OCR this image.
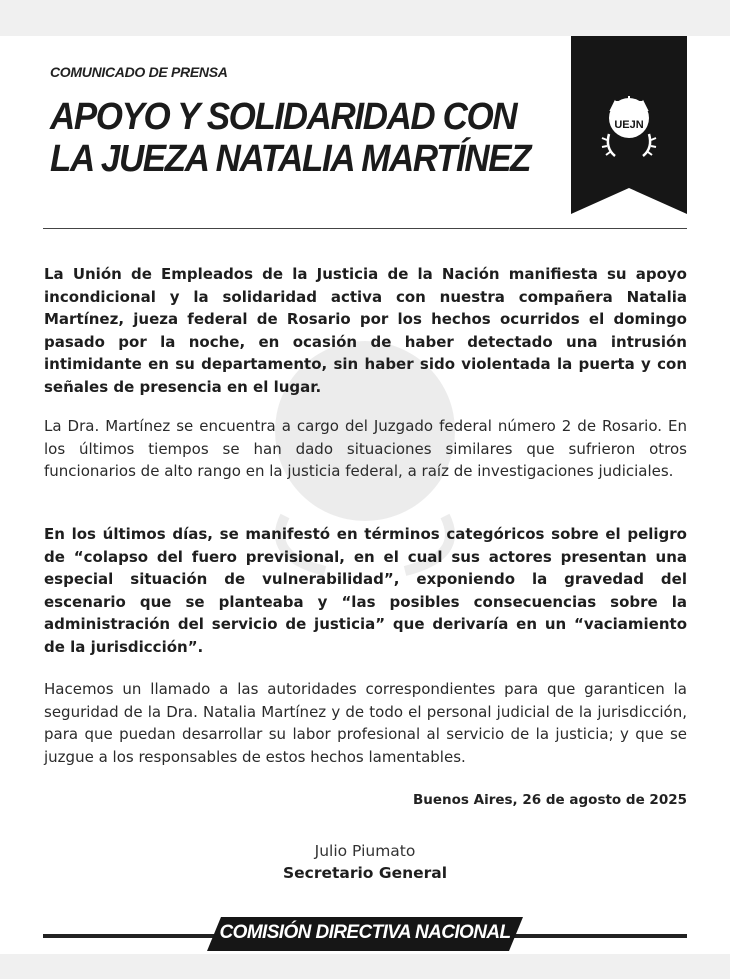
COMUNICADO DE PRENSA
APOYO Y SOLIDARIDAD CON
LA JUEZA NATALIA MARTÍNEZ
UEJN

La Unión de Empleados de la Justicia de la Nación manifiesta su apoyo incondicional y la solidaridad activa con nuestra compañera Natalia Martínez, jueza federal de Rosario por los hechos ocurridos el domingo pasado por la noche, en ocasión de haber detectado una intrusión intimidante en su departamento, sin haber sido violentada la puerta y con señales de presencia en el lugar.

La Dra. Martínez se encuentra a cargo del Juzgado federal número 2 de Rosario. En los últimos tiempos se han dado situaciones similares que sufrieron otros funcionarios de alto rango en la justicia federal, a raíz de investigaciones judiciales.

En los últimos días, se manifestó en términos categóricos sobre el peligro de “colapso del fuero previsional, en el cual sus actores presentan una especial situación de vulnerabilidad”, exponiendo la gravedad del escenario que se planteaba y “las posibles consecuencias sobre la administración del servicio de justicia” que derivaría en un “vaciamiento de la jurisdicción”.

Hacemos un llamado a las autoridades correspondientes para que garanticen la seguridad de la Dra. Natalia Martínez y de todo el personal judicial de la jurisdicción, para que puedan desarrollar su labor profesional al servicio de la justicia; y que se juzgue a los responsables de estos hechos lamentables.

Buenos Aires, 26 de agosto de 2025
Julio Piumato
Secretario General
COMISIÓN DIRECTIVA NACIONAL
